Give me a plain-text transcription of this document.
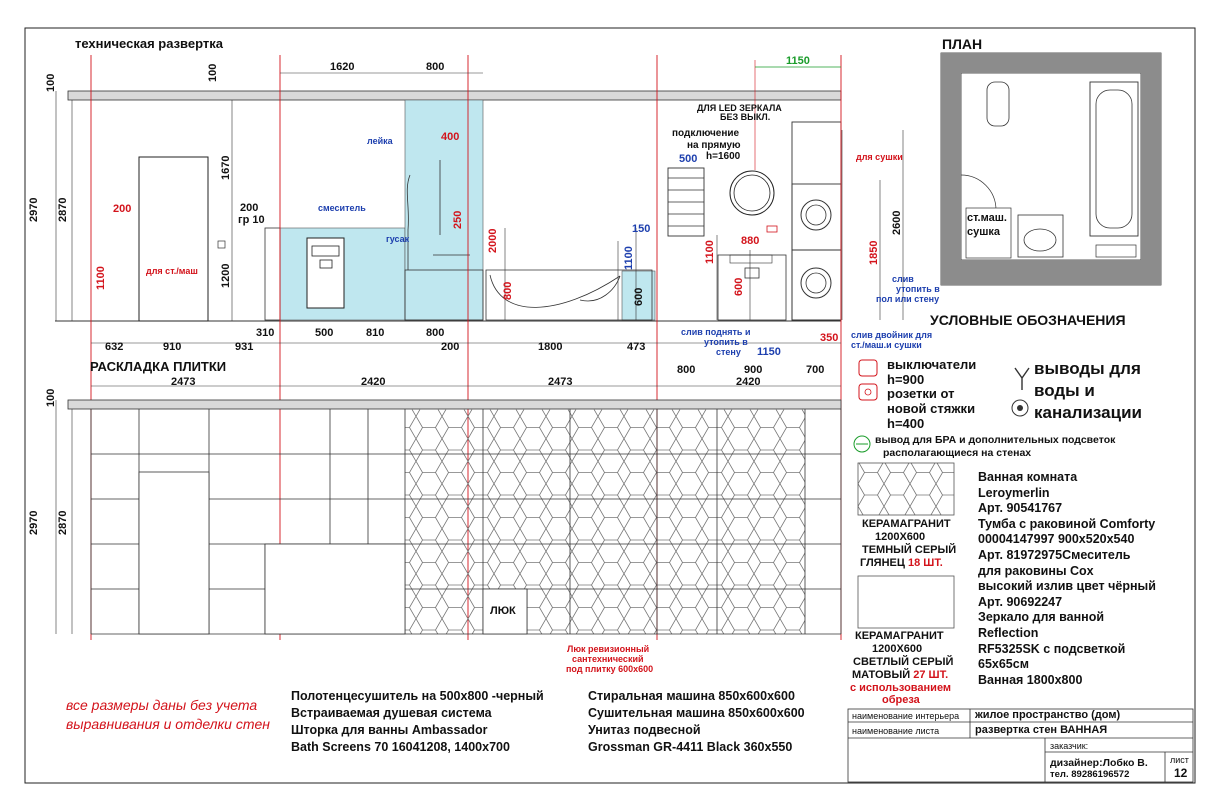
техническая развертка	ПЛАН
РАСКЛАДКА ПЛИТКИ
УСЛОВНЫЕ ОБОЗНАЧЕНИЯ
1620	800	1150
100
100
2970 2870
1670
1200
200
гр 10
200
1100
400
250
2000
800
500
150
1100
600
1100 880
600
1850
2600
350
1150
лейка
смеситель
гусак
для ст./маш
ДЛЯ LED ЗЕРКАЛА
БЕЗ ВЫКЛ.
подключение
на прямую
h=1600	для сушки
слив
утопить в
пол или стену
слив поднять и
утопить в
стену
слив двойник для
ст./маш.и сушки
632	910	931
310	500	810	800
200	1800	473
800	900	700
2473	2420	2473	2420
100
2970 2870
ЛЮК
Люк ревизионный
сантехнический
под плитку 600х600
ст.маш.
сушка
выключатели
h=900
розетки от
новой стяжки
h=400
выводы для
воды и
канализации
вывод для БРА и дополнительных подсветок
располагающиеся на стенах
КЕРАМАГРАНИТ
1200Х600
ТЕМНЫЙ СЕРЫЙ
ГЛЯНЕЦ 18 ШТ.
КЕРАМАГРАНИТ
1200Х600
СВЕТЛЫЙ СЕРЫЙ
МАТОВЫЙ 27 ШТ.
с использованием
обреза
Ванная комната
Leroymerlin
Арт. 90541767
Тумба с раковиной Comforty
00004147997 900х520х540
Арт. 81972975Смеситель
для раковины Cox
высокий излив цвет чёрный
Арт. 90692247
Зеркало для ванной
Reflection
RF5325SK с подсветкой
65х65см
Ванная 1800х800
все размеры даны без учета
выравнивания и отделки стен
Полотенцесушитель на 500х800 -черный
Встраиваемая душевая система
Шторка для ванны Ambassador
Bath Screens 70 16041208, 1400х700
Стиральная машина 850х600х600
Сушительная машина 850х600х600
Унитаз подвесной
Grossman GR-4411 Black 360х550
наименование интерьера жилое пространство (дом)
наименование листа	развертка стен ВАННАЯ
заказчик:
дизайнер:Лобко В.
тел. 89286196572
лист
12
